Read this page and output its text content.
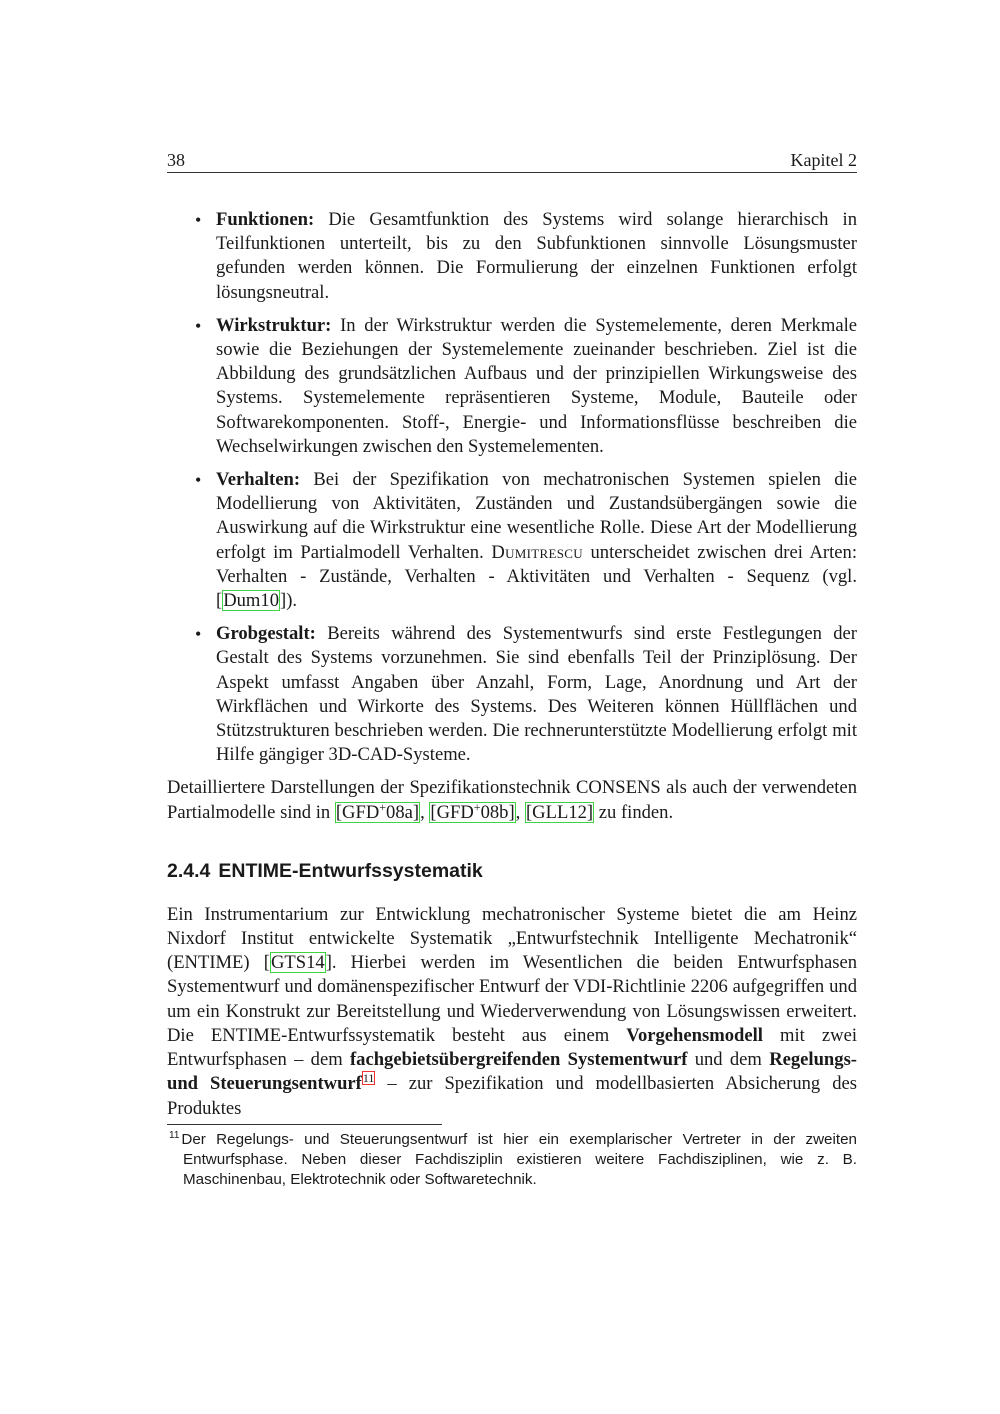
38	Kapitel 2
• Funktionen: Die Gesamtfunktion des Systems wird solange hierarchisch in Teilfunktionen unterteilt, bis zu den Subfunktionen sinnvolle Lösungsmuster gefunden werden können. Die Formulierung der einzelnen Funktionen erfolgt lösungsneutral.
• Wirkstruktur: In der Wirkstruktur werden die Systemelemente, deren Merkmale sowie die Beziehungen der Systemelemente zueinander beschrieben. Ziel ist die Abbildung des grundsätzlichen Aufbaus und der prinzipiellen Wirkungsweise des Systems. Systemelemente repräsentieren Systeme, Module, Bauteile oder Softwarekomponenten. Stoff-, Energie- und Informationsflüsse beschreiben die Wechselwirkungen zwischen den Systemelementen.
• Verhalten: Bei der Spezifikation von mechatronischen Systemen spielen die Modellierung von Aktivitäten, Zuständen und Zustandsübergängen sowie die Auswirkung auf die Wirkstruktur eine wesentliche Rolle. Diese Art der Modellierung erfolgt im Partialmodell Verhalten. Dumitrescu unterscheidet zwischen drei Arten: Verhalten - Zustände, Verhalten - Aktivitäten und Verhalten - Sequenz (vgl. [Dum10]).
• Grobgestalt: Bereits während des Systementwurfs sind erste Festlegungen der Gestalt des Systems vorzunehmen. Sie sind ebenfalls Teil der Prinziplösung. Der Aspekt umfasst Angaben über Anzahl, Form, Lage, Anordnung und Art der Wirkflächen und Wirkorte des Systems. Des Weiteren können Hüllflächen und Stützstrukturen beschrieben werden. Die rechnerunterstützte Modellierung erfolgt mit Hilfe gängiger 3D-CAD-Systeme.

Detailliertere Darstellungen der Spezifikationstechnik CONSENS als auch der verwendeten Partialmodelle sind in [GFD+08a], [GFD+08b], [GLL12] zu finden.

2.4.4 ENTIME-Entwurfssystematik

Ein Instrumentarium zur Entwicklung mechatronischer Systeme bietet die am Heinz Nixdorf Institut entwickelte Systematik „Entwurfstechnik Intelligente Mechatronik“ (ENTIME) [GTS14]. Hierbei werden im Wesentlichen die beiden Entwurfsphasen Systementwurf und domänenspezifischer Entwurf der VDI-Richtlinie 2206 aufgegriffen und um ein Konstrukt zur Bereitstellung und Wiederverwendung von Lösungswissen erweitert. Die ENTIME-Entwurfssystematik besteht aus einem Vorgehensmodell mit zwei Entwurfsphasen – dem fachgebietsübergreifenden Systementwurf und dem Regelungs- und Steuerungsentwurf$^{11}$ – zur Spezifikation und modellbasierten Absicherung des Produktes

$^{11}$ Der Regelungs- und Steuerungsentwurf ist hier ein exemplarischer Vertreter in der zweiten Entwurfsphase. Neben dieser Fachdisziplin existieren weitere Fachdisziplinen, wie z. B. Maschinenbau, Elektrotechnik oder Softwaretechnik.
